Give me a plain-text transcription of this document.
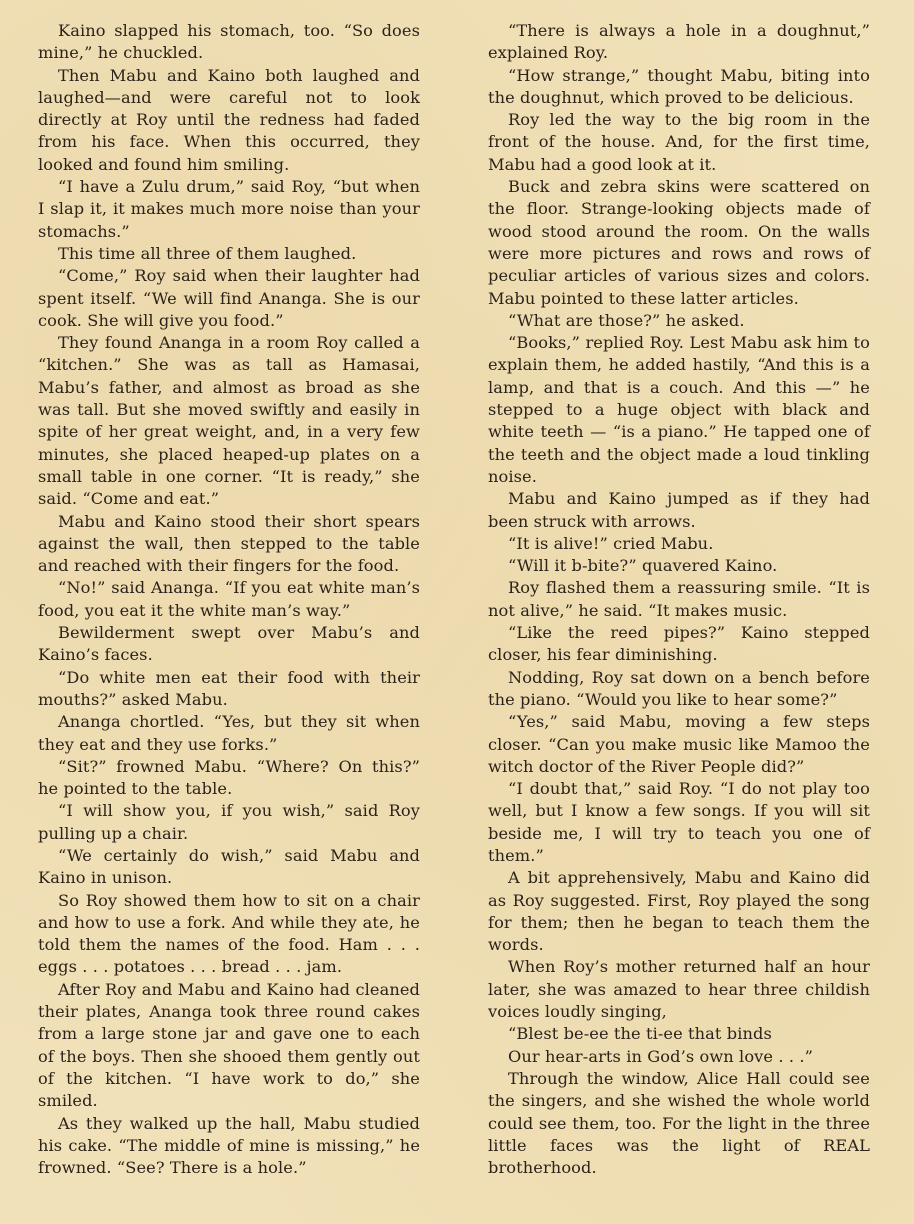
Kaino slapped his stomach, too. “So does mine,” he chuckled.

Then Mabu and Kaino both laughed and laughed—and were careful not to look directly at Roy until the redness had faded from his face. When this occurred, they looked and found him smiling.

“I have a Zulu drum,” said Roy, “but when I slap it, it makes much more noise than your stomachs.”

This time all three of them laughed.

“Come,” Roy said when their laughter had spent itself. “We will find Ananga. She is our cook. She will give you food.”

They found Ananga in a room Roy called a “kitchen.” She was as tall as Hamasai, Mabu’s father, and almost as broad as she was tall. But she moved swiftly and easily in spite of her great weight, and, in a very few minutes, she placed heaped-up plates on a small table in one corner. “It is ready,” she said. “Come and eat.”

Mabu and Kaino stood their short spears against the wall, then stepped to the table and reached with their fingers for the food.

“No!” said Ananga. “If you eat white man’s food, you eat it the white man’s way.”

Bewilderment swept over Mabu’s and Kaino’s faces.

“Do white men eat their food with their mouths?” asked Mabu.

Ananga chortled. “Yes, but they sit when they eat and they use forks.”

“Sit?” frowned Mabu. “Where? On this?” he pointed to the table.

“I will show you, if you wish,” said Roy pulling up a chair.

“We certainly do wish,” said Mabu and Kaino in unison.

So Roy showed them how to sit on a chair and how to use a fork. And while they ate, he told them the names of the food. Ham . . . eggs . . . potatoes . . . bread . . . jam.

After Roy and Mabu and Kaino had cleaned their plates, Ananga took three round cakes from a large stone jar and gave one to each of the boys. Then she shooed them gently out of the kitchen. “I have work to do,” she smiled.

As they walked up the hall, Mabu studied his cake. “The middle of mine is missing,” he frowned. “See? There is a hole.”

“There is always a hole in a doughnut,” explained Roy.

“How strange,” thought Mabu, biting into the doughnut, which proved to be delicious.

Roy led the way to the big room in the front of the house. And, for the first time, Mabu had a good look at it.

Buck and zebra skins were scattered on the floor. Strange-looking objects made of wood stood around the room. On the walls were more pictures and rows and rows of peculiar articles of various sizes and colors. Mabu pointed to these latter articles.

“What are those?” he asked.

“Books,” replied Roy. Lest Mabu ask him to explain them, he added hastily, “And this is a lamp, and that is a couch. And this —” he stepped to a huge object with black and white teeth — “is a piano.” He tapped one of the teeth and the object made a loud tinkling noise.

Mabu and Kaino jumped as if they had been struck with arrows.

“It is alive!” cried Mabu.

“Will it b-bite?” quavered Kaino.

Roy flashed them a reassuring smile. “It is not alive,” he said. “It makes music.

“Like the reed pipes?” Kaino stepped closer, his fear diminishing.

Nodding, Roy sat down on a bench before the piano. “Would you like to hear some?”

“Yes,” said Mabu, moving a few steps closer. “Can you make music like Mamoo the witch doctor of the River People did?”

“I doubt that,” said Roy. “I do not play too well, but I know a few songs. If you will sit beside me, I will try to teach you one of them.”

A bit apprehensively, Mabu and Kaino did as Roy suggested. First, Roy played the song for them; then he began to teach them the words.

When Roy’s mother returned half an hour later, she was amazed to hear three childish voices loudly singing,

“Blest be-ee the ti-ee that binds

Our hear-arts in God’s own love . . .”

Through the window, Alice Hall could see the singers, and she wished the whole world could see them, too. For the light in the three little faces was the light of REAL brotherhood.
